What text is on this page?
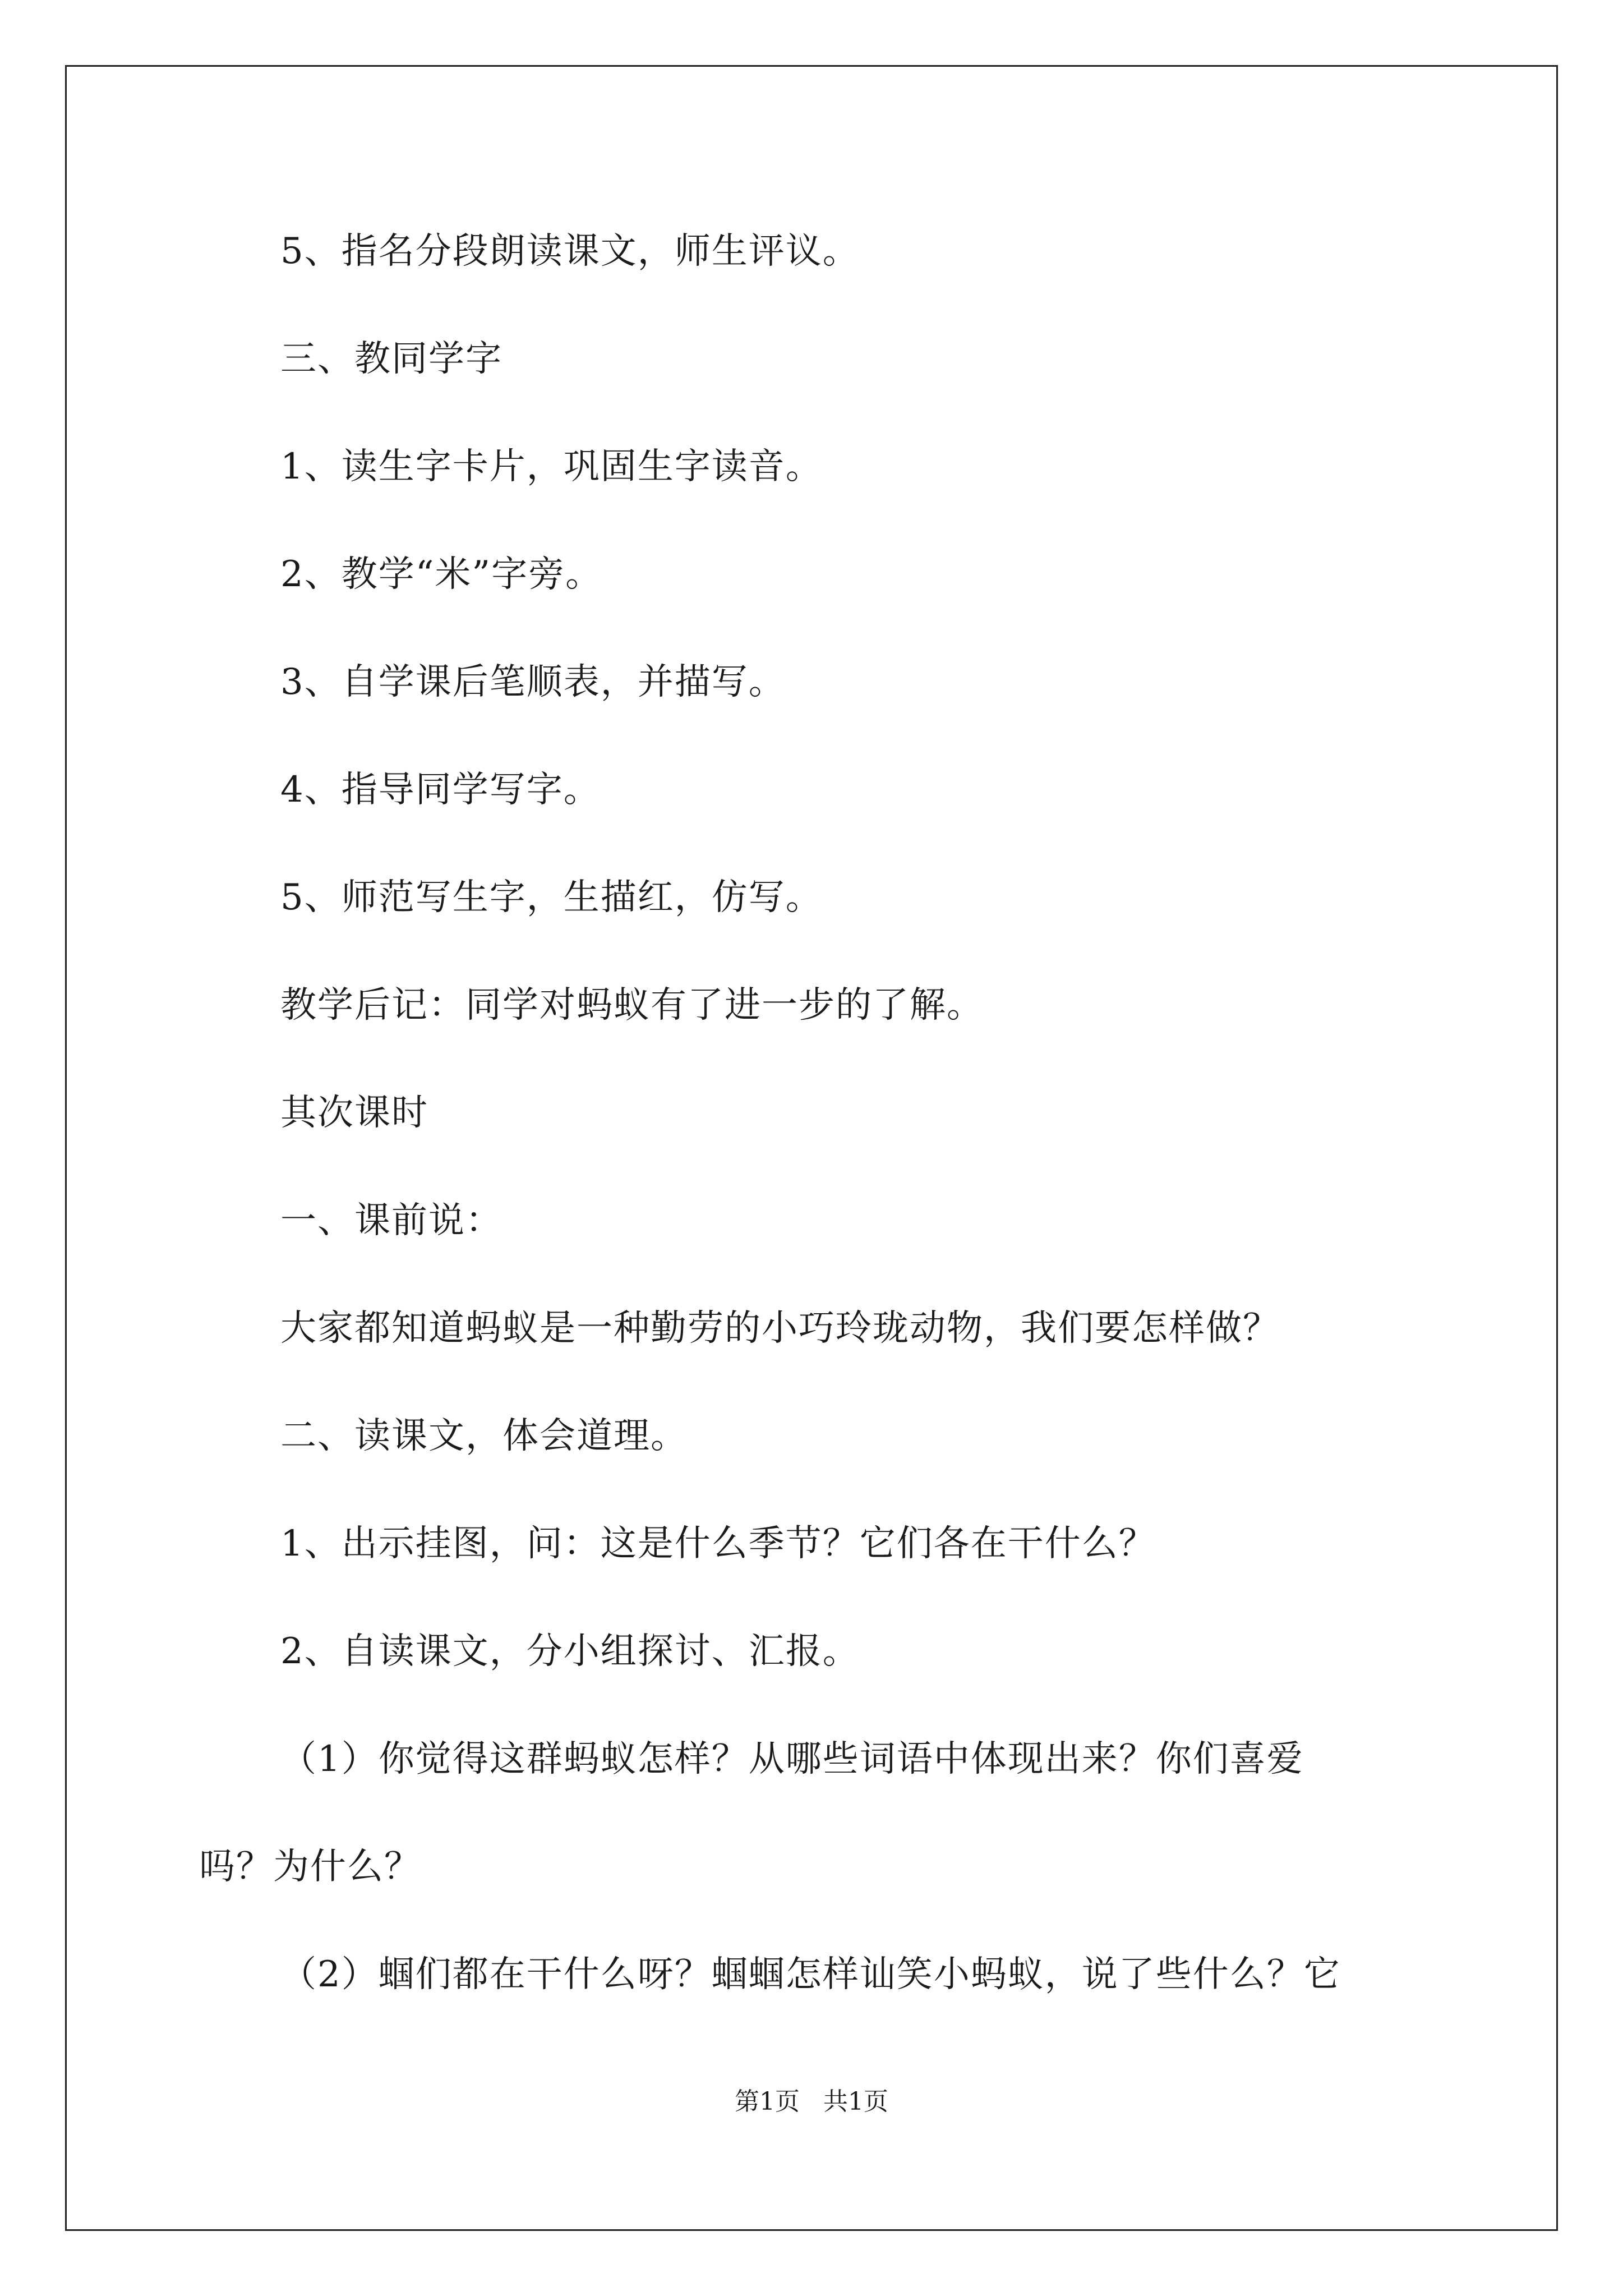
5、指名分段朗读课文，师生评议。
三、教同学字
1、读生字卡片，巩固生字读音。
2、教学“米”字旁。
3、自学课后笔顺表，并描写。
4、指导同学写字。
5、师范写生字，生描红，仿写。
教学后记：同学对蚂蚁有了进一步的了解。
其次课时
一、课前说：
大家都知道蚂蚁是一种勤劳的小巧玲珑动物，我们要怎样做？
二、读课文，体会道理。
1、出示挂图，问：这是什么季节？它们各在干什么？
2、自读课文，分小组探讨、汇报。
（1）你觉得这群蚂蚁怎样？从哪些词语中体现出来？你们喜爱
吗？为什么？
（2）蝈们都在干什么呀？蝈蝈怎样讪笑小蚂蚁，说了些什么？它
第1页   共1页
